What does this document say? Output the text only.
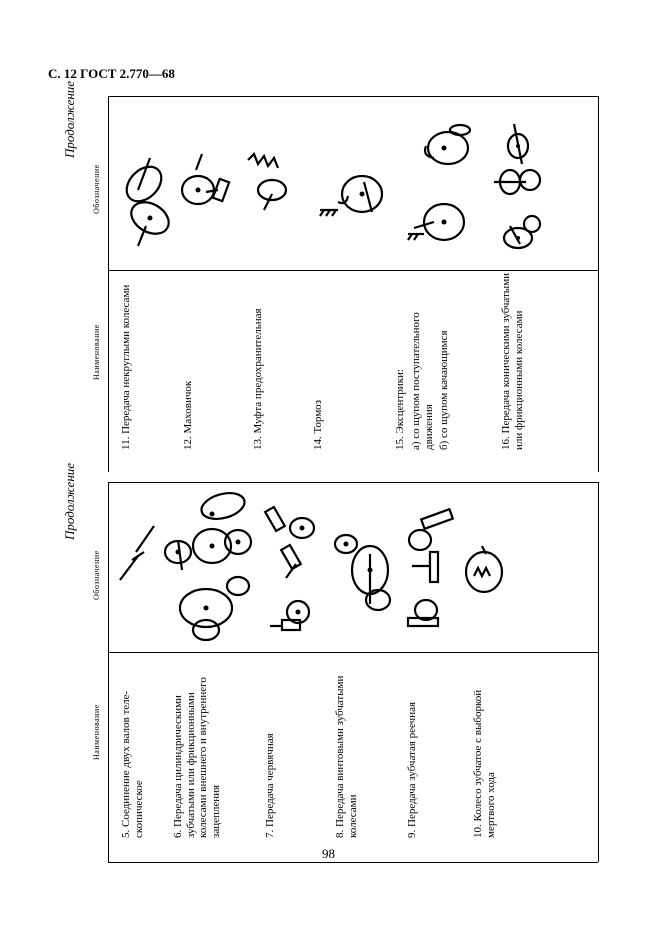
С. 12 ГОСТ 2.770—68
Продолжение
Наименование
Обозначение
5. Соединение двух валов теле-скопическое 6. Передача цилиндрическими зубчатыми или фрикционными колесами внешнего и внутреннего зацепления	7. Передача червячная	8. Передача винтовыми зубчатыми колесами	9. Передача зубчатая реечная	10. Колесо зубчатое с выборкой мертвого хода
Продолжение
Наименование
Обозначение
11. Передача некруглыми колесами	12. Маховичок	13. Муфта предохранительная	14. Тормоз	15. Эксцентрики: а) со щупом поступательного движения б) со щупом качающимся	16. Передача коническими зубчатыми или фрикционными колесами
98
